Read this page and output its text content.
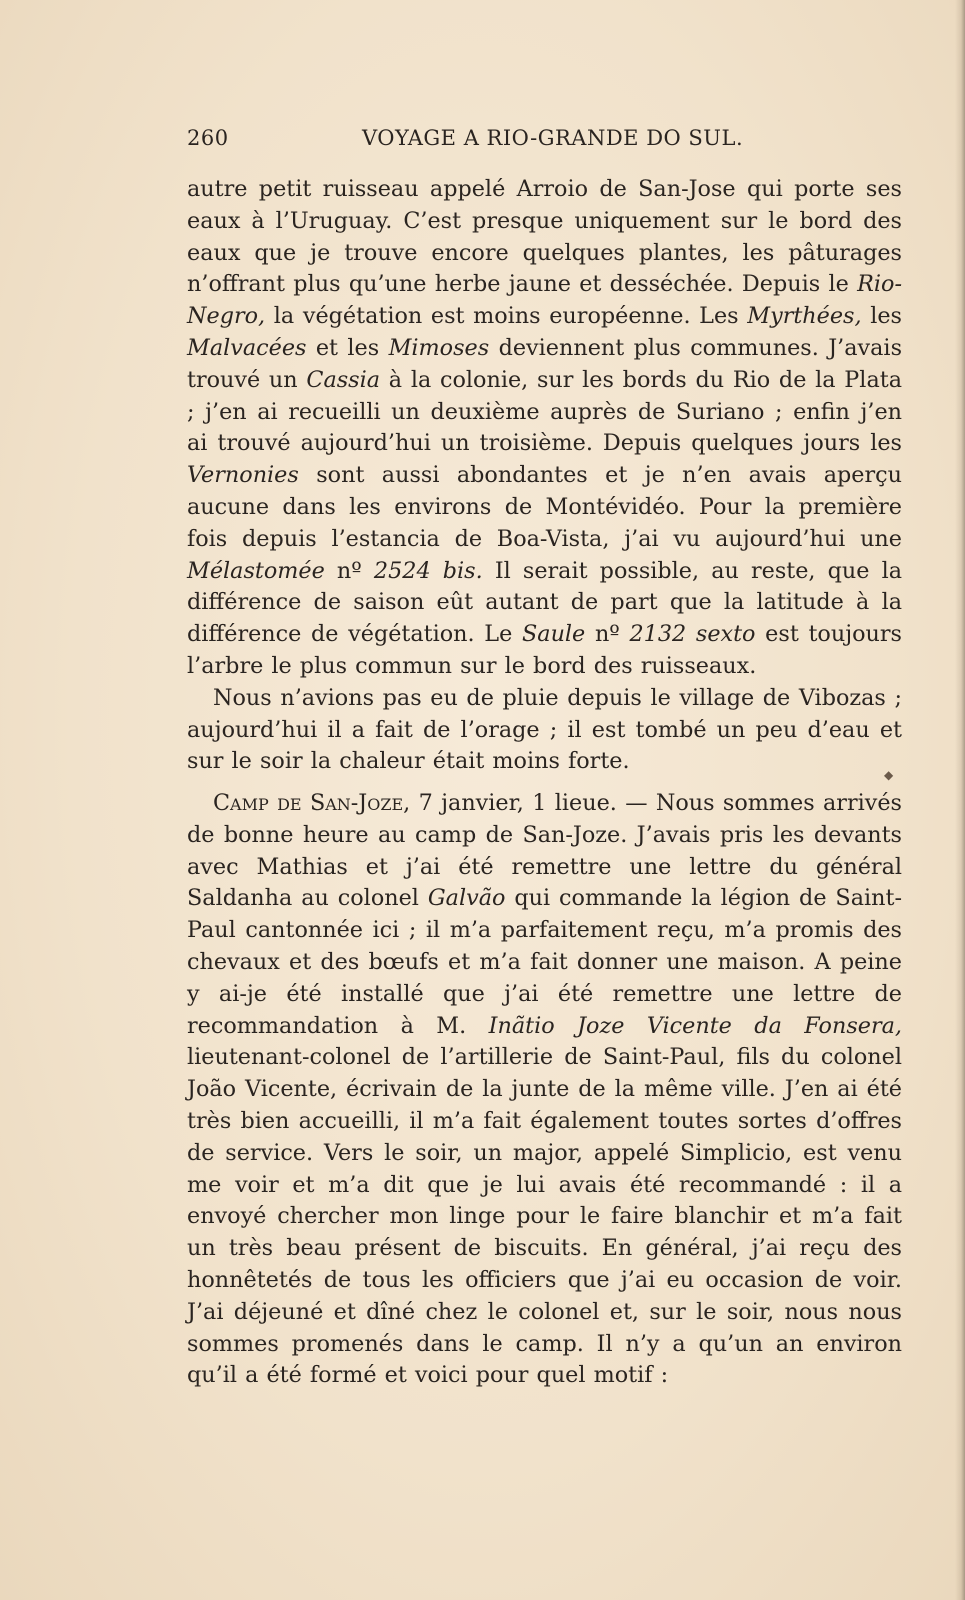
260	VOYAGE A RIO-GRANDE DO SUL.

autre petit ruisseau appelé Arroio de San-Jose qui porte ses eaux à l’Uruguay. C’est presque uniquement sur le bord des eaux que je trouve encore quelques plantes, les pâturages n’offrant plus qu’une herbe jaune et desséchée. Depuis le Rio-Negro, la végétation est moins européenne. Les Myrthées, les Malvacées et les Mimoses deviennent plus communes. J’avais trouvé un Cassia à la colonie, sur les bords du Rio de la Plata ; j’en ai recueilli un deuxième auprès de Suriano ; enfin j’en ai trouvé aujourd’hui un troisième. Depuis quelques jours les Vernonies sont aussi abondantes et je n’en avais aperçu aucune dans les environs de Montévidéo. Pour la première fois depuis l’estancia de Boa-Vista, j’ai vu aujourd’hui une Mélastomée nº 2524 bis. Il serait possible, au reste, que la différence de saison eût autant de part que la latitude à la différence de végétation. Le Saule nº 2132 sexto est toujours l’arbre le plus commun sur le bord des ruisseaux.

Nous n’avions pas eu de pluie depuis le village de Vibozas ; aujourd’hui il a fait de l’orage ; il est tombé un peu d’eau et sur le soir la chaleur était moins forte.

◆

Camp de San-Joze, 7 janvier, 1 lieue. — Nous sommes arrivés de bonne heure au camp de San-Joze. J’avais pris les devants avec Mathias et j’ai été remettre une lettre du général Saldanha au colonel Galvão qui commande la légion de Saint-Paul cantonnée ici ; il m’a parfaitement reçu, m’a promis des chevaux et des bœufs et m’a fait donner une maison. A peine y ai-je été installé que j’ai été remettre une lettre de recommandation à M. Inãtio Joze Vicente da Fonsera, lieutenant-colonel de l’artillerie de Saint-Paul, fils du colonel João Vicente, écrivain de la junte de la même ville. J’en ai été très bien accueilli, il m’a fait également toutes sortes d’offres de service. Vers le soir, un major, appelé Simplicio, est venu me voir et m’a dit que je lui avais été recommandé : il a envoyé chercher mon linge pour le faire blanchir et m’a fait un très beau présent de biscuits. En général, j’ai reçu des honnêtetés de tous les officiers que j’ai eu occasion de voir. J’ai déjeuné et dîné chez le colonel et, sur le soir, nous nous sommes promenés dans le camp. Il n’y a qu’un an environ qu’il a été formé et voici pour quel motif :
